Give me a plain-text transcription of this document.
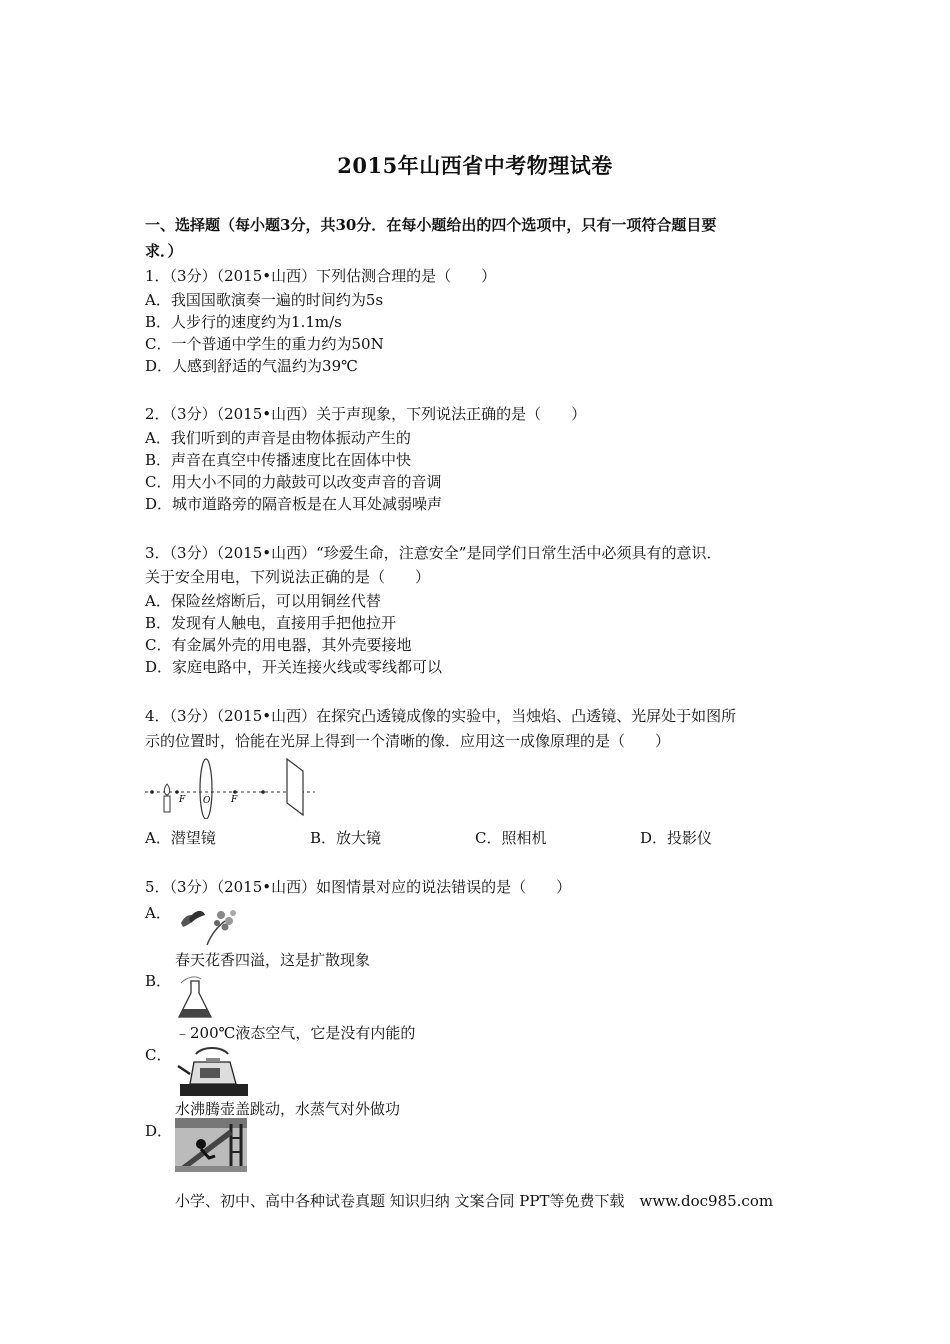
2015年山西省中考物理试卷
一、选择题（每小题3分，共30分．在每小题给出的四个选项中，只有一项符合题目要
求．）
1．（3分）（2015•山西）下列估测合理的是（　　）
A．我国国歌演奏一遍的时间约为5s
B．人步行的速度约为1.1m/s
C．一个普通中学生的重力约为50N
D．人感到舒适的气温约为39℃
2．（3分）（2015•山西）关于声现象，下列说法正确的是（　　）
A．我们听到的声音是由物体振动产生的
B．声音在真空中传播速度比在固体中快
C．用大小不同的力敲鼓可以改变声音的音调
D．城市道路旁的隔音板是在人耳处减弱噪声
3．（3分）（2015•山西）“珍爱生命，注意安全”是同学们日常生活中必须具有的意识．
关于安全用电，下列说法正确的是（　　）
A．保险丝熔断后，可以用铜丝代替
B．发现有人触电，直接用手把他拉开
C．有金属外壳的用电器，其外壳要接地
D．家庭电路中，开关连接火线或零线都可以
4．（3分）（2015•山西）在探究凸透镜成像的实验中，当烛焰、凸透镜、光屏处于如图所
示的位置时，恰能在光屏上得到一个清晰的像．应用这一成像原理的是（　　）
F O F
A．潜望镜	B．放大镜	C．照相机	D．投影仪
5．（3分）（2015•山西）如图情景对应的说法错误的是（　　）
A．
春天花香四溢，这是扩散现象
B．
﹣200℃液态空气，它是没有内能的
C．
水沸腾壶盖跳动，水蒸气对外做功
D．
小学、初中、高中各种试卷真题 知识归纳 文案合同 PPT等免费下载　www.doc985.com
